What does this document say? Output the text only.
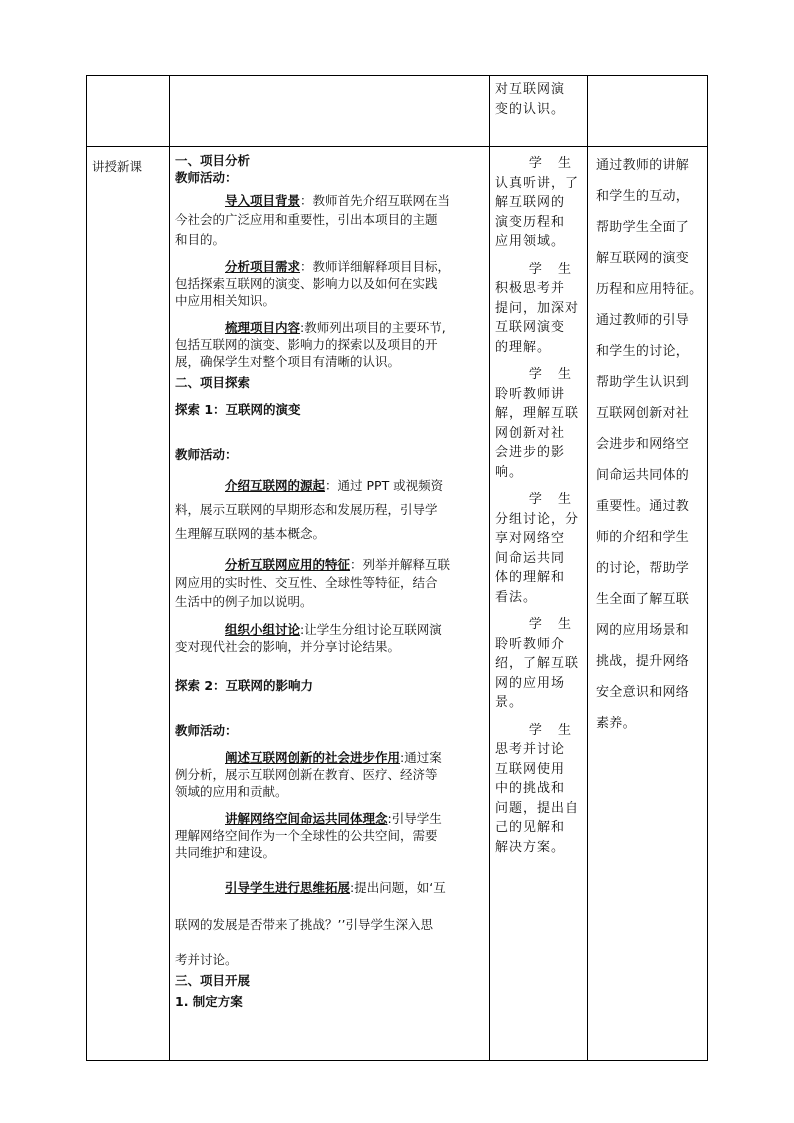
对互联网演

变的认识。

讲授新课	一、项目分析

教师活动：

导入项目背景：教师首先介绍互联网在当

今社会的广泛应用和重要性，引出本项目的主题

和目的。

分析项目需求：教师详细解释项目目标，

包括探索互联网的演变、影响力以及如何在实践

中应用相关知识。

梳理项目内容:教师列出项目的主要环节,

包括互联网的演变、影响力的探索以及项目的开

展，确保学生对整个项目有清晰的认识。

二、项目探索

探索 1：互联网的演变

教师活动：

介绍互联网的源起：通过 PPT 或视频资

料，展示互联网的早期形态和发展历程，引导学

生理解互联网的基本概念。

分析互联网应用的特征：列举并解释互联

网应用的实时性、交互性、全球性等特征，结合

生活中的例子加以说明。

组织小组讨论:让学生分组讨论互联网演

变对现代社会的影响，并分享讨论结果。

探索 2：互联网的影响力

教师活动：

阐述互联网创新的社会进步作用:通过案

例分析，展示互联网创新在教育、医疗、经济等

领域的应用和贡献。

讲解网络空间命运共同体理念:引导学生

理解网络空间作为一个全球性的公共空间，需要

共同维护和建设。

引导学生进行思维拓展:提出问题，如‘互

联网的发展是否带来了挑战？’’引导学生深入思

考并讨论。

三、项目开展

1. 制定方案

学 生

认真听讲，了

解互联网的

演变历程和

应用领域。

学 生

积极思考并

提问，加深对

互联网演变

的理解。

学 生

聆听教师讲

解，理解互联

网创新对社

会进步的影

响。

学 生

分组讨论，分

享对网络空

间命运共同

体的理解和

看法。

学 生

聆听教师介

绍，了解互联

网的应用场

景。

学 生

思考并讨论

互联网使用

中的挑战和

问题，提出自

己的见解和

解决方案。

通过教师的讲解

和学生的互动，

帮助学生全面了

解互联网的演变

历程和应用特征。

通过教师的引导

和学生的讨论，

帮助学生认识到

互联网创新对社

会进步和网络空

间命运共同体的

重要性。通过教

师的介绍和学生

的讨论，帮助学

生全面了解互联

网的应用场景和

挑战，提升网络

安全意识和网络

素养。
